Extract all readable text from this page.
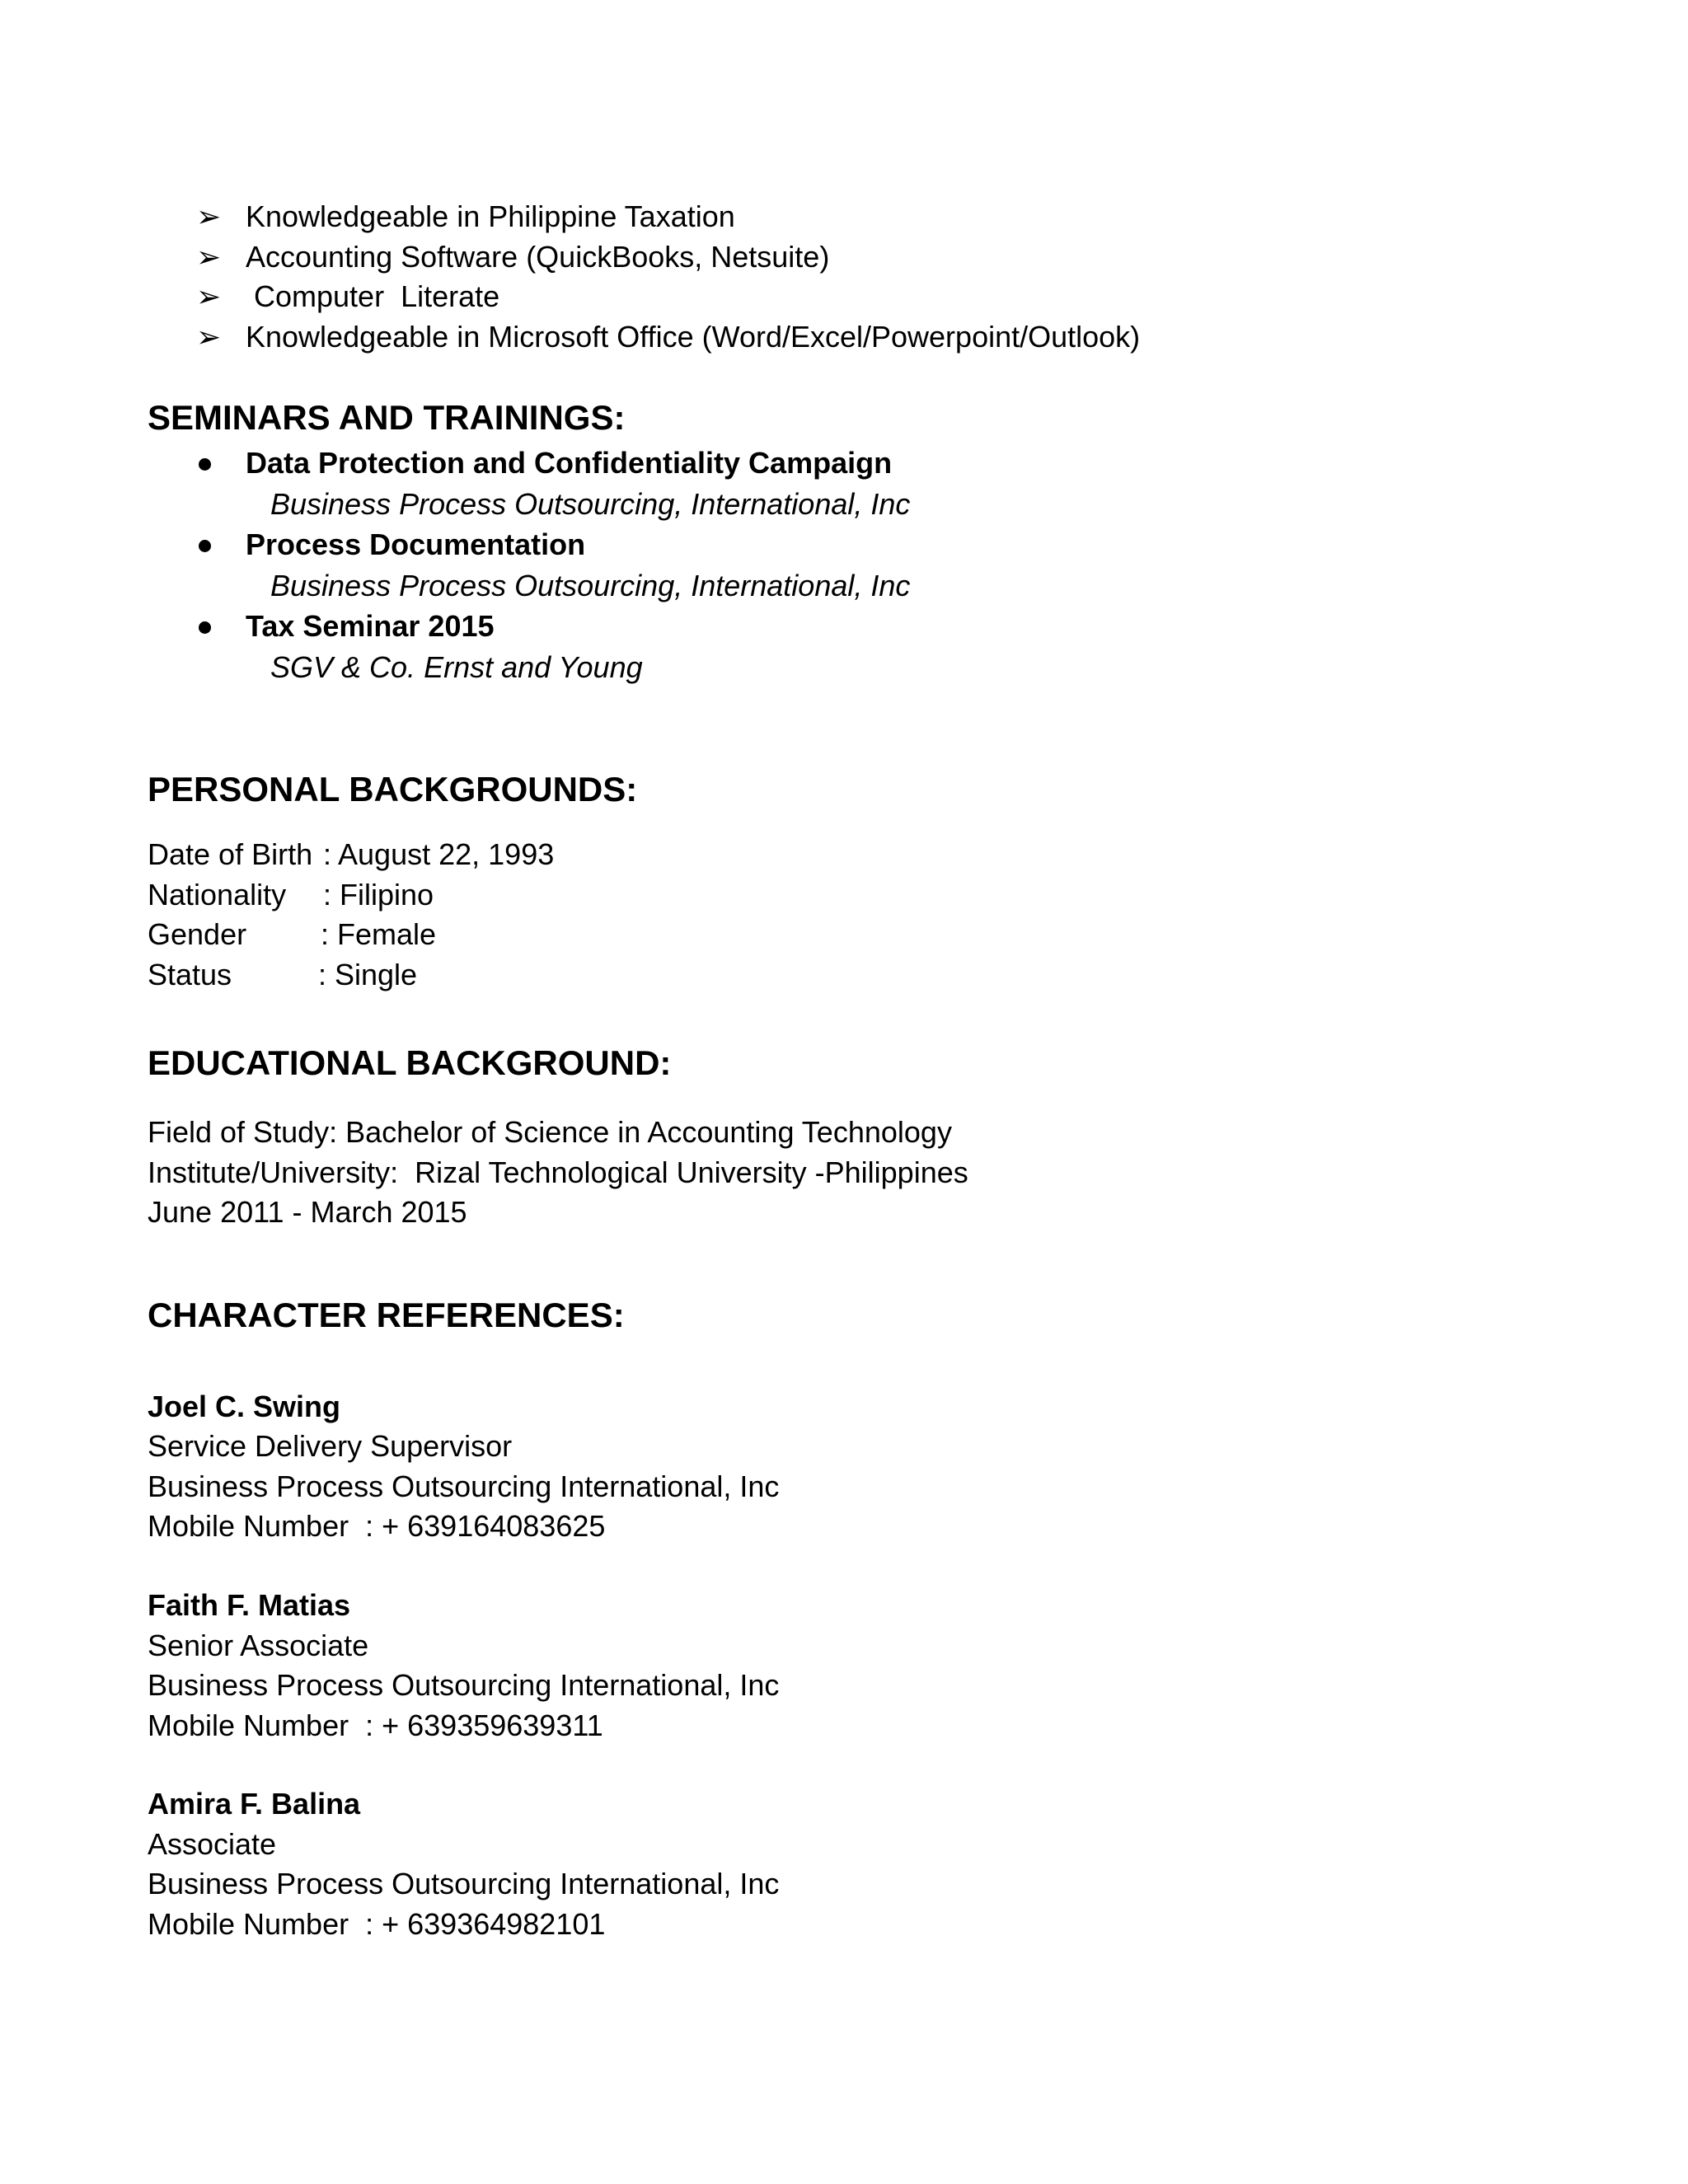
➢ Knowledgeable in Philippine Taxation
➢ Accounting Software (QuickBooks, Netsuite)
➢ Computer  Literate
➢ Knowledgeable in Microsoft Office (Word/Excel/Powerpoint/Outlook)
SEMINARS AND TRAININGS:
Data Protection and Confidentiality Campaign
Business Process Outsourcing, International, Inc
Process Documentation
Business Process Outsourcing, International, Inc
Tax Seminar 2015
SGV & Co. Ernst and Young
PERSONAL BACKGROUNDS:
Date of Birth : August 22, 1993
Nationality : Filipino
Gender : Female
Status	: Single
EDUCATIONAL BACKGROUND:
Field of Study: Bachelor of Science in Accounting Technology
Institute/University:  Rizal Technological University -Philippines
June 2011 - March 2015
CHARACTER REFERENCES:
Joel C. Swing
Service Delivery Supervisor
Business Process Outsourcing International, Inc
Mobile Number  : + 639164083625
Faith F. Matias
Senior Associate
Business Process Outsourcing International, Inc
Mobile Number  : + 639359639311
Amira F. Balina
Associate
Business Process Outsourcing International, Inc
Mobile Number  : + 639364982101
